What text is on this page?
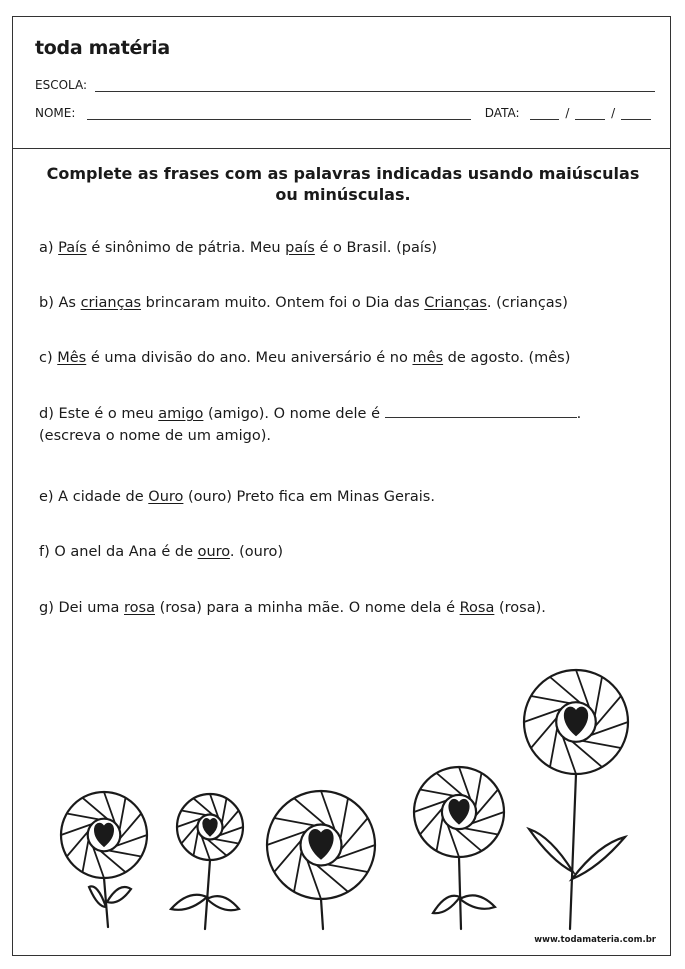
toda matéria
ESCOLA:
NOME:	DATA:	/	/
Complete as frases com as palavras indicadas usando maiúsculas ou minúsculas.
a) País é sinônimo de pátria. Meu país é o Brasil. (país)
b) As crianças brincaram muito. Ontem foi o Dia das Crianças. (crianças)
c) Mês é uma divisão do ano. Meu aniversário é no mês de agosto. (mês)
d) Este é o meu amigo (amigo). O nome dele é	.
(escreva o nome de um amigo).
e) A cidade de Ouro (ouro) Preto fica em Minas Gerais.
f) O anel da Ana é de ouro. (ouro)
g) Dei uma rosa (rosa) para a minha mãe. O nome dela é Rosa (rosa).
www.todamateria.com.br
